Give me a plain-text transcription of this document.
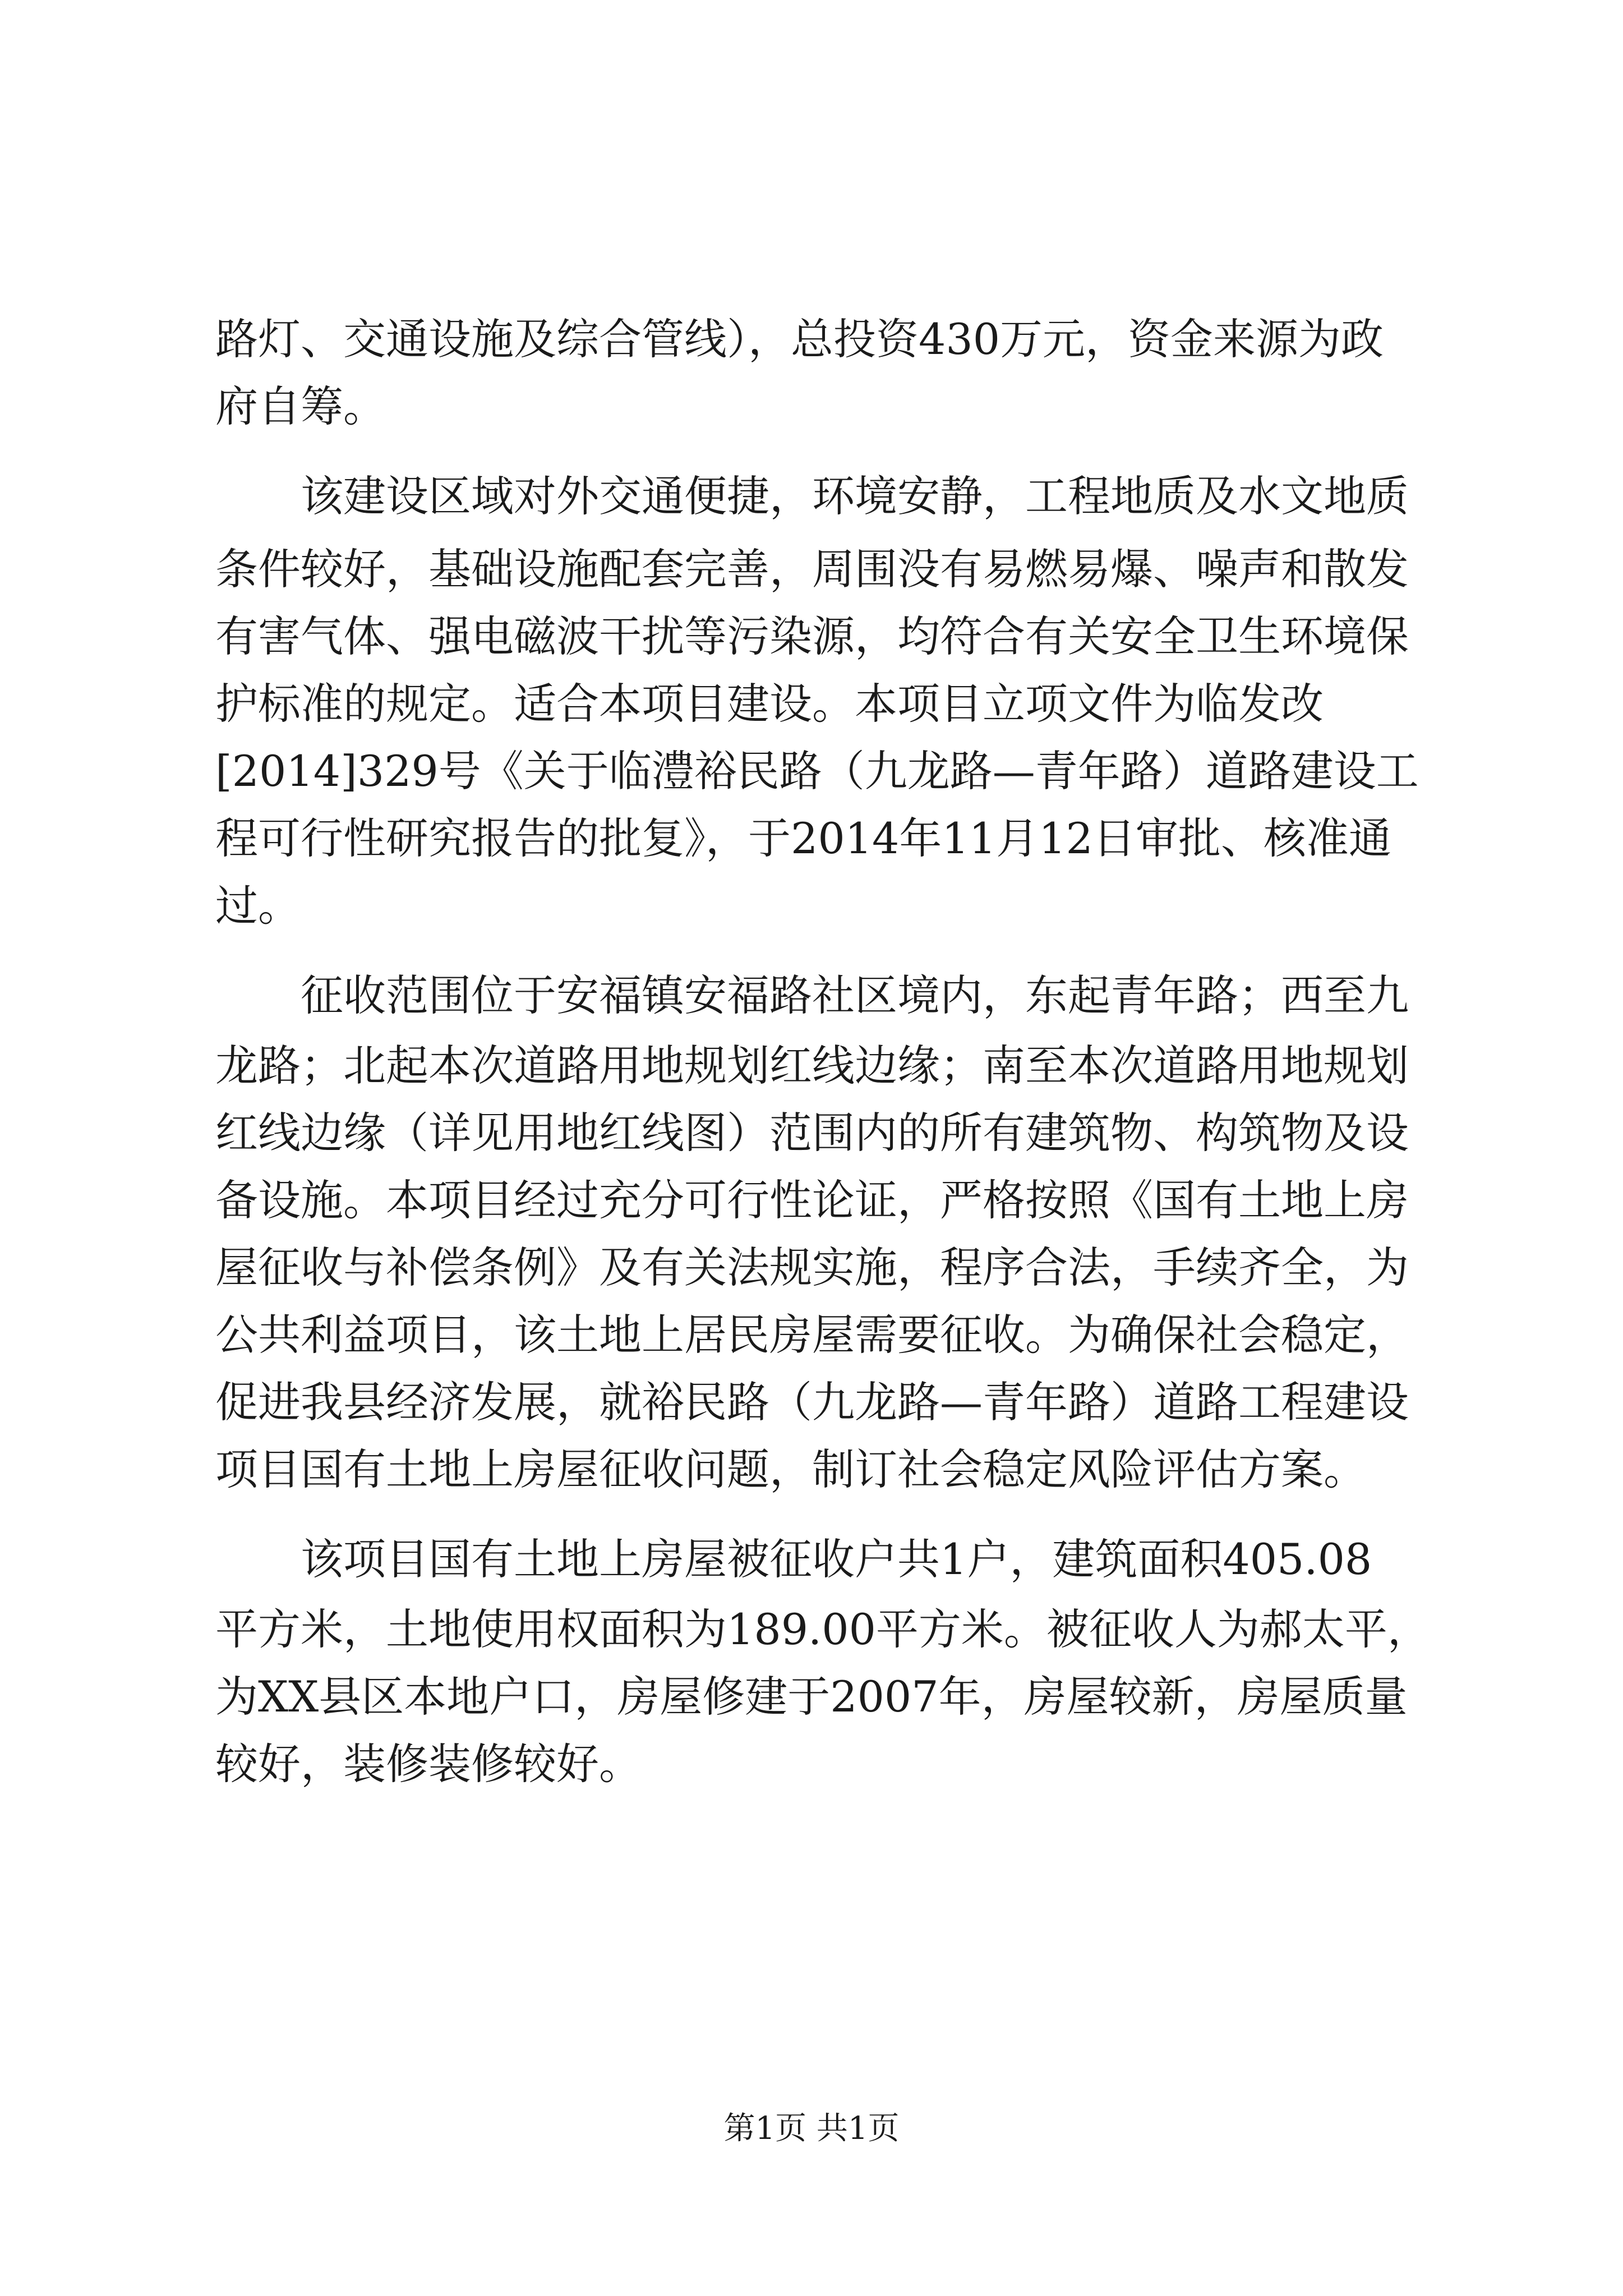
路灯、交通设施及综合管线），总投资430万元，资金来源为政
府自筹。
　　该建设区域对外交通便捷，环境安静，工程地质及水文地质
条件较好，基础设施配套完善，周围没有易燃易爆、噪声和散发
有害气体、强电磁波干扰等污染源，均符合有关安全卫生环境保
护标准的规定。适合本项目建设。本项目立项文件为临发改
[2014]329号《关于临澧裕民路（九龙路—青年路）道路建设工
程可行性研究报告的批复》，于2014年11月12日审批、核准通
过。
　　征收范围位于安福镇安福路社区境内，东起青年路；西至九
龙路；北起本次道路用地规划红线边缘；南至本次道路用地规划
红线边缘（详见用地红线图）范围内的所有建筑物、构筑物及设
备设施。本项目经过充分可行性论证，严格按照《国有土地上房
屋征收与补偿条例》及有关法规实施，程序合法，手续齐全，为
公共利益项目，该土地上居民房屋需要征收。为确保社会稳定，
促进我县经济发展，就裕民路（九龙路—青年路）道路工程建设
项目国有土地上房屋征收问题，制订社会稳定风险评估方案。
　　该项目国有土地上房屋被征收户共1户，建筑面积405.08
平方米，土地使用权面积为189.00平方米。被征收人为郝太平，
为XX县区本地户口，房屋修建于2007年，房屋较新，房屋质量
较好，装修装修较好。
第1页 共1页
